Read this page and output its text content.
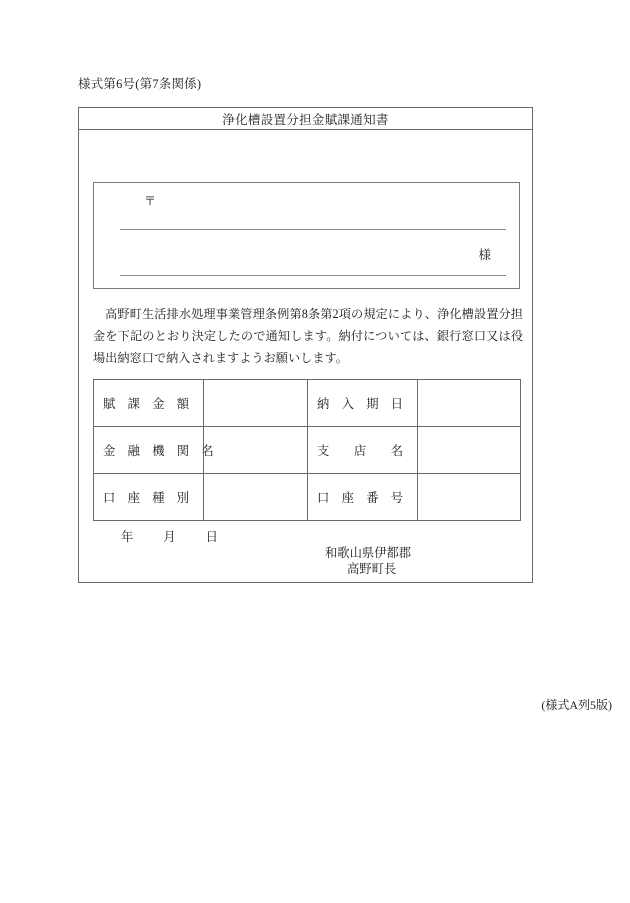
様式第6号(第7条関係)
浄化槽設置分担金賦課通知書
〒
様
高野町生活排水処理事業管理条例第8条第2項の規定により、浄化槽設置分担金を下記のとおり決定したので通知します。納付については、銀行窓口又は役場出納窓口で納入されますようお願いします。
賦　課　金　額		納　入　期　日	

金　融　機　関　名		支　　店　　名	

口　座　種　別		口　座　番　号	

年 月 日
和歌山県伊都郡
高野町長
(様式A列5版)
